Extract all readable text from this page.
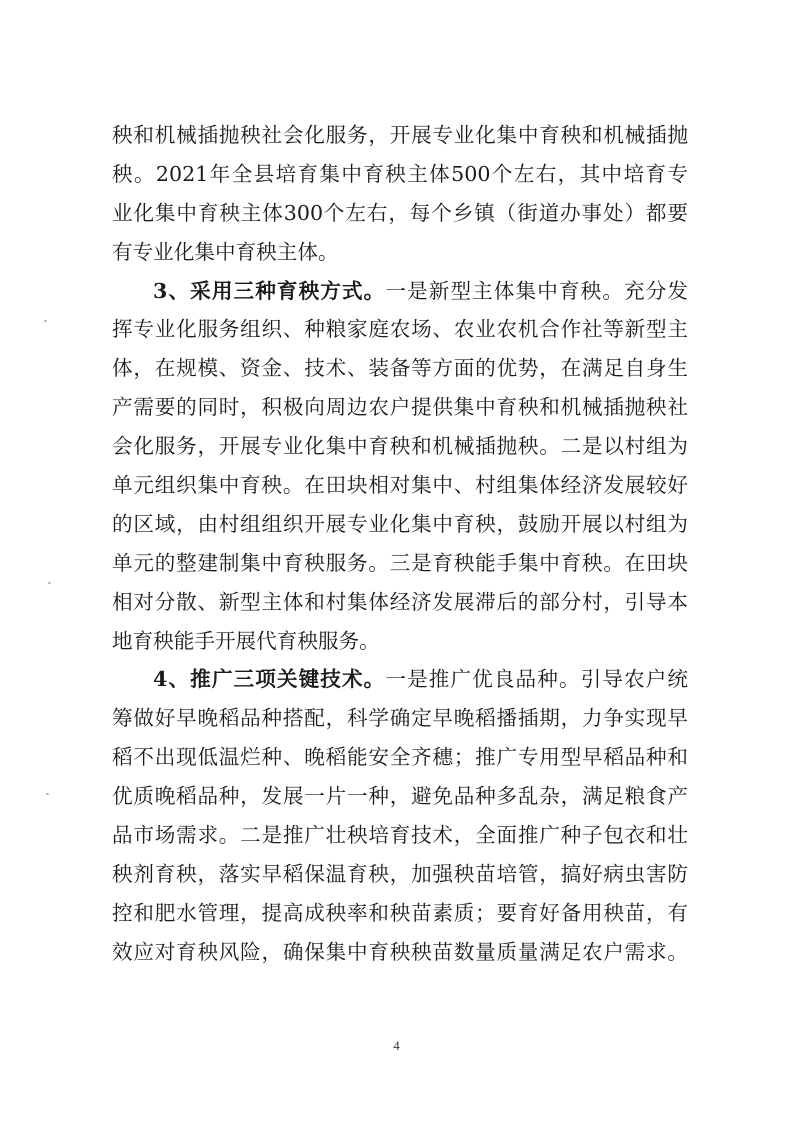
秧和机械插抛秧社会化服务，开展专业化集中育秧和机械插抛
秧。2021年全县培育集中育秧主体500个左右，其中培育专
业化集中育秧主体300个左右，每个乡镇（街道办事处）都要
有专业化集中育秧主体。
3、采用三种育秧方式。一是新型主体集中育秧。充分发
挥专业化服务组织、种粮家庭农场、农业农机合作社等新型主
体，在规模、资金、技术、装备等方面的优势，在满足自身生
产需要的同时，积极向周边农户提供集中育秧和机械插抛秧社
会化服务，开展专业化集中育秧和机械插抛秧。二是以村组为
单元组织集中育秧。在田块相对集中、村组集体经济发展较好
的区域，由村组组织开展专业化集中育秧，鼓励开展以村组为
单元的整建制集中育秧服务。三是育秧能手集中育秧。在田块
相对分散、新型主体和村集体经济发展滞后的部分村，引导本
地育秧能手开展代育秧服务。
4、推广三项关键技术。一是推广优良品种。引导农户统
筹做好早晚稻品种搭配，科学确定早晚稻播插期，力争实现早
稻不出现低温烂种、晚稻能安全齐穗；推广专用型早稻品种和
优质晚稻品种，发展一片一种，避免品种多乱杂，满足粮食产
品市场需求。二是推广壮秧培育技术，全面推广种子包衣和壮
秧剂育秧，落实早稻保温育秧，加强秧苗培管，搞好病虫害防
控和肥水管理，提高成秧率和秧苗素质；要育好备用秧苗，有
效应对育秧风险，确保集中育秧秧苗数量质量满足农户需求。
4
